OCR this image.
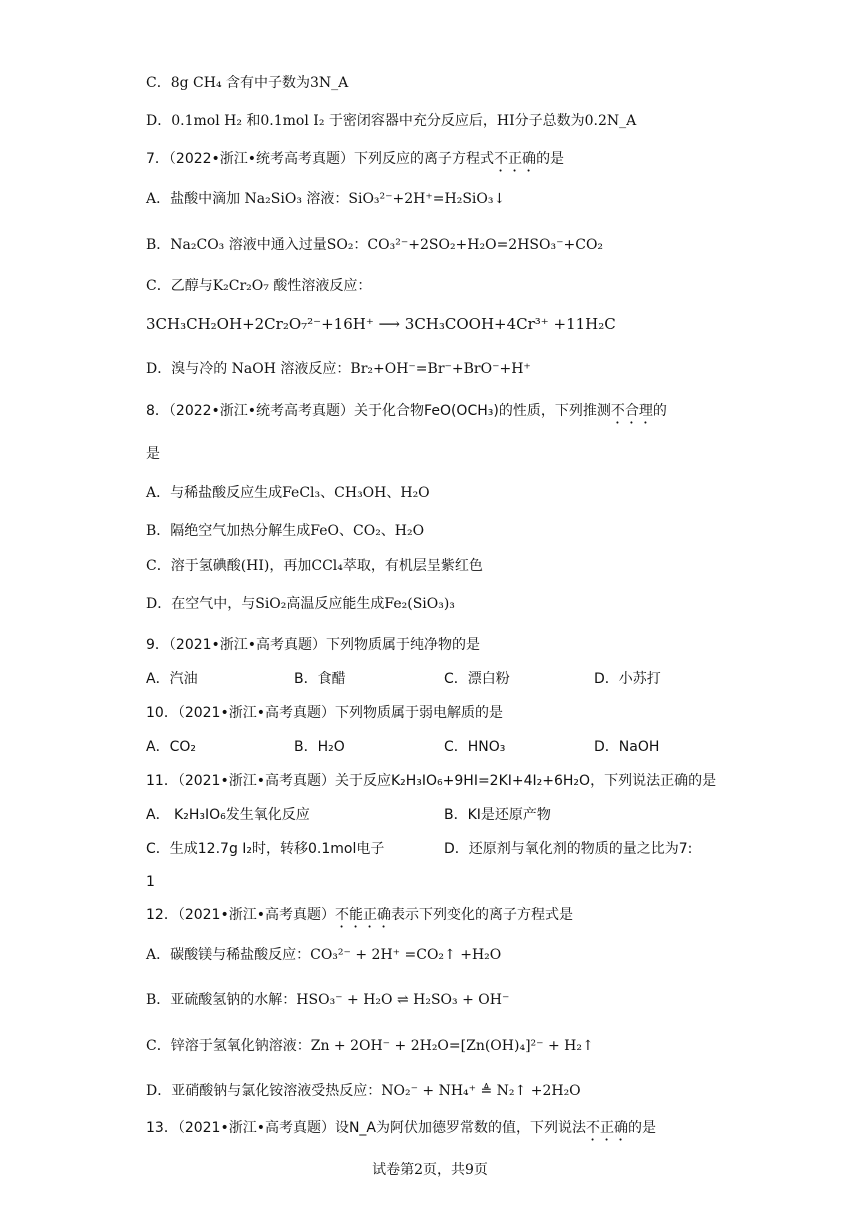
C．8g CH₄ 含有中子数为3N_A
D．0.1mol H₂ 和0.1mol I₂ 于密闭容器中充分反应后，HI分子总数为0.2N_A
7．（2022•浙江•统考高考真题）下列反应的离子方程式不正确的是
A．盐酸中滴加 Na₂SiO₃ 溶液：SiO₃²⁻+2H⁺=H₂SiO₃↓
B．Na₂CO₃ 溶液中通入过量SO₂：CO₃²⁻+2SO₂+H₂O=2HSO₃⁻+CO₂
C．乙醇与K₂Cr₂O₇ 酸性溶液反应：
3CH₃CH₂OH+2Cr₂O₇²⁻+16H⁺ ⟶ 3CH₃COOH+4Cr³⁺ +11H₂C
D．溴与冷的 NaOH 溶液反应：Br₂+OH⁻=Br⁻+BrO⁻+H⁺
8．（2022•浙江•统考高考真题）关于化合物FeO(OCH₃)的性质，下列推测不合理的
是
A．与稀盐酸反应生成FeCl₃、CH₃OH、H₂O
B．隔绝空气加热分解生成FeO、CO₂、H₂O
C．溶于氢碘酸(HI)，再加CCl₄萃取，有机层呈紫红色
D．在空气中，与SiO₂高温反应能生成Fe₂(SiO₃)₃
9．（2021•浙江•高考真题）下列物质属于纯净物的是
A．汽油	B．食醋	C．漂白粉	D．小苏打
10．（2021•浙江•高考真题）下列物质属于弱电解质的是
A．CO₂	B．H₂O	C．HNO₃	D．NaOH
11．（2021•浙江•高考真题）关于反应K₂H₃IO₆+9HI=2KI+4I₂+6H₂O，下列说法正确的是
A． K₂H₃IO₆发生氧化反应	B．KI是还原产物
C．生成12.7g I₂时，转移0.1mol电子	D．还原剂与氧化剂的物质的量之比为7:
1
12．（2021•浙江•高考真题）不能正确表示下列变化的离子方程式是
A．碳酸镁与稀盐酸反应：CO₃²⁻ + 2H⁺ =CO₂↑ +H₂O
B．亚硫酸氢钠的水解：HSO₃⁻ + H₂O ⇌ H₂SO₃ + OH⁻
C．锌溶于氢氧化钠溶液：Zn + 2OH⁻ + 2H₂O=[Zn(OH)₄]²⁻ + H₂↑
D．亚硝酸钠与氯化铵溶液受热反应：NO₂⁻ + NH₄⁺ ≜ N₂↑ +2H₂O
13．（2021•浙江•高考真题）设N_A为阿伏加德罗常数的值，下列说法不正确的是
试卷第2页，共9页
